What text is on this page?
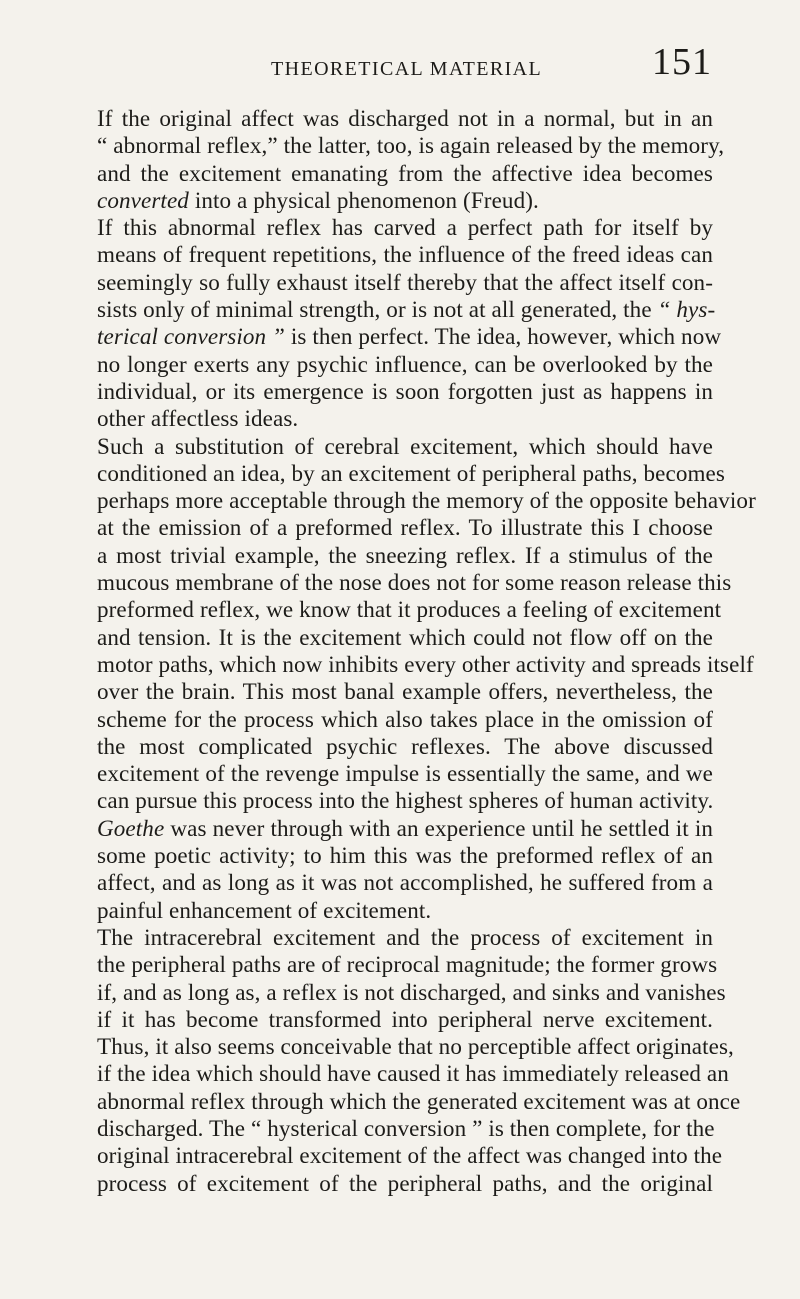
THEORETICAL MATERIAL	151
If the original affect was discharged not in a normal, but in an
“ abnormal reflex,” the latter, too, is again released by the memory,
and the excitement emanating from the affective idea becomes
converted into a physical phenomenon (Freud).
If this abnormal reflex has carved a perfect path for itself by
means of frequent repetitions, the influence of the freed ideas can
seemingly so fully exhaust itself thereby that the affect itself con-
sists only of minimal strength, or is not at all generated, the “ hys-
terical conversion ” is then perfect. The idea, however, which now
no longer exerts any psychic influence, can be overlooked by the
individual, or its emergence is soon forgotten just as happens in
other affectless ideas.
Such a substitution of cerebral excitement, which should have
conditioned an idea, by an excitement of peripheral paths, becomes
perhaps more acceptable through the memory of the opposite behavior
at the emission of a preformed reflex. To illustrate this I choose
a most trivial example, the sneezing reflex. If a stimulus of the
mucous membrane of the nose does not for some reason release this
preformed reflex, we know that it produces a feeling of excitement
and tension. It is the excitement which could not flow off on the
motor paths, which now inhibits every other activity and spreads itself
over the brain. This most banal example offers, nevertheless, the
scheme for the process which also takes place in the omission of
the most complicated psychic reflexes. The above discussed
excitement of the revenge impulse is essentially the same, and we
can pursue this process into the highest spheres of human activity.
Goethe was never through with an experience until he settled it in
some poetic activity; to him this was the preformed reflex of an
affect, and as long as it was not accomplished, he suffered from a
painful enhancement of excitement.
The intracerebral excitement and the process of excitement in
the peripheral paths are of reciprocal magnitude; the former grows
if, and as long as, a reflex is not discharged, and sinks and vanishes
if it has become transformed into peripheral nerve excitement.
Thus, it also seems conceivable that no perceptible affect originates,
if the idea which should have caused it has immediately released an
abnormal reflex through which the generated excitement was at once
discharged. The “ hysterical conversion ” is then complete, for the
original intracerebral excitement of the affect was changed into the
process of excitement of the peripheral paths, and the original
